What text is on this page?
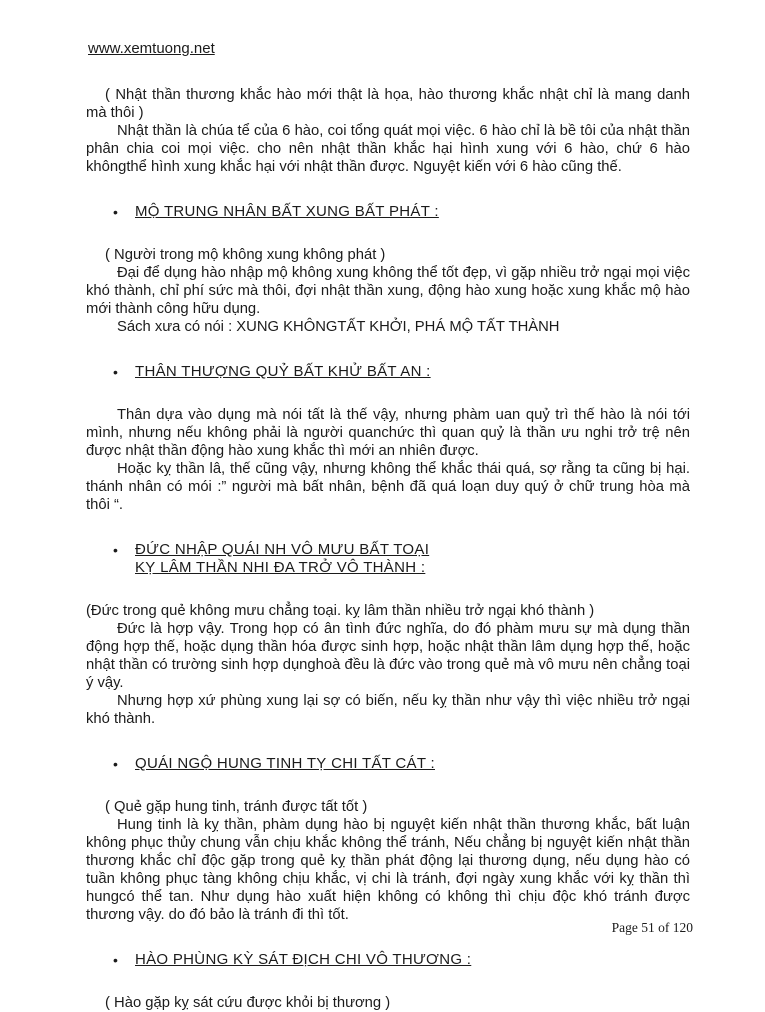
www.xemtuong.net

( Nhật thần thương khắc hào mới thật là họa, hào thương khắc nhật chỉ là mang danh mà thôi )

Nhật thần là chúa tể của 6 hào, coi tổng quát mọi việc. 6 hào chỉ là bề tôi của nhật thần phân chia coi mọi việc. cho nên nhật thần khắc hại hình xung với 6 hào, chứ 6 hào khôngthể hình xung khắc hại với nhật thần được. Nguyệt kiến với 6 hào cũng thế.

•	MỘ TRUNG NHÂN BẤT XUNG BẤT PHÁT :

( Người trong mộ không xung không phát )

Đại để dụng hào nhập mộ không xung không thể tốt đẹp, vì gặp nhiều trở ngại mọi việc khó thành, chỉ phí sức mà thôi, đợi nhật thần xung, động hào xung hoặc xung khắc mộ hào mới thành công hữu dụng.

Sách xưa có nói : XUNG KHÔNGTẤT KHỞI, PHÁ MỘ TẤT THÀNH

•	THÂN THƯỢNG QUỶ BẤT KHỬ BẤT AN :

Thân dựa vào dụng mà nói tất là thế vậy, nhưng phàm uan quỷ trì thế hào là nói tới mình, nhưng nếu không phải là người quanchức thì quan quỷ là thần ưu nghi trở trệ nên được nhật thần động hào xung khắc thì mới an nhiên được.

Hoặc kỵ thần lâ, thế cũng vậy, nhưng không thể khắc thái quá, sợ rằng ta cũng bị hại. thánh nhân có mói :” người mà bất nhân, bệnh đã quá loạn duy quý ở chữ trung hòa mà thôi “.

•	ĐỨC NHẬP QUÁI NH VÔ MƯU BẤT TOẠI
KỴ LÂM THẦN NHI ĐA TRỞ VÔ THÀNH :

(Đức trong quẻ không mưu chẳng toại. kỵ lâm thần nhiều trở ngại khó thành )

Đức là hợp vậy. Trong họp có ân tình đức nghĩa, do đó phàm mưu sự mà dụng thần động hợp thế, hoặc dụng thần hóa được sinh hợp, hoặc nhật thần lâm dụng hợp thế, hoặc nhật thần có trường sinh hợp dụnghoà đều là đức vào trong quẻ mà vô mưu nên chẳng toại ý vậy.

Nhưng hợp xứ phùng xung lại sợ có biến, nếu kỵ thần như vậy thì việc nhiều trở ngại khó thành.

•	QUÁI NGỘ HUNG TINH TỴ CHI TẤT CÁT :

( Quẻ gặp hung tinh, tránh được tất tốt )

Hung tinh là kỵ thần, phàm dụng hào bị nguyệt kiến nhật thần thương khắc, bất luận không phục thủy chung vẫn chịu khắc không thể tránh, Nếu chẳng bị nguyệt kiến nhật thần thương khắc chỉ độc gặp trong quẻ kỵ thần phát động lại thương dụng, nếu dụng hào có tuần không phục tàng không chịu khắc, vị chi là tránh, đợi ngày xung khắc với kỵ thần thì hungcó thể tan. Như dụng hào xuất hiện không có không thì chịu độc khó tránh được thương vậy. do đó bảo là tránh đi thì tốt.

•	HÀO PHÙNG KỲ SÁT ĐỊCH CHI VÔ THƯƠNG :

( Hào gặp kỵ sát cứu được khỏi bị thương )

Page 51 of 120
